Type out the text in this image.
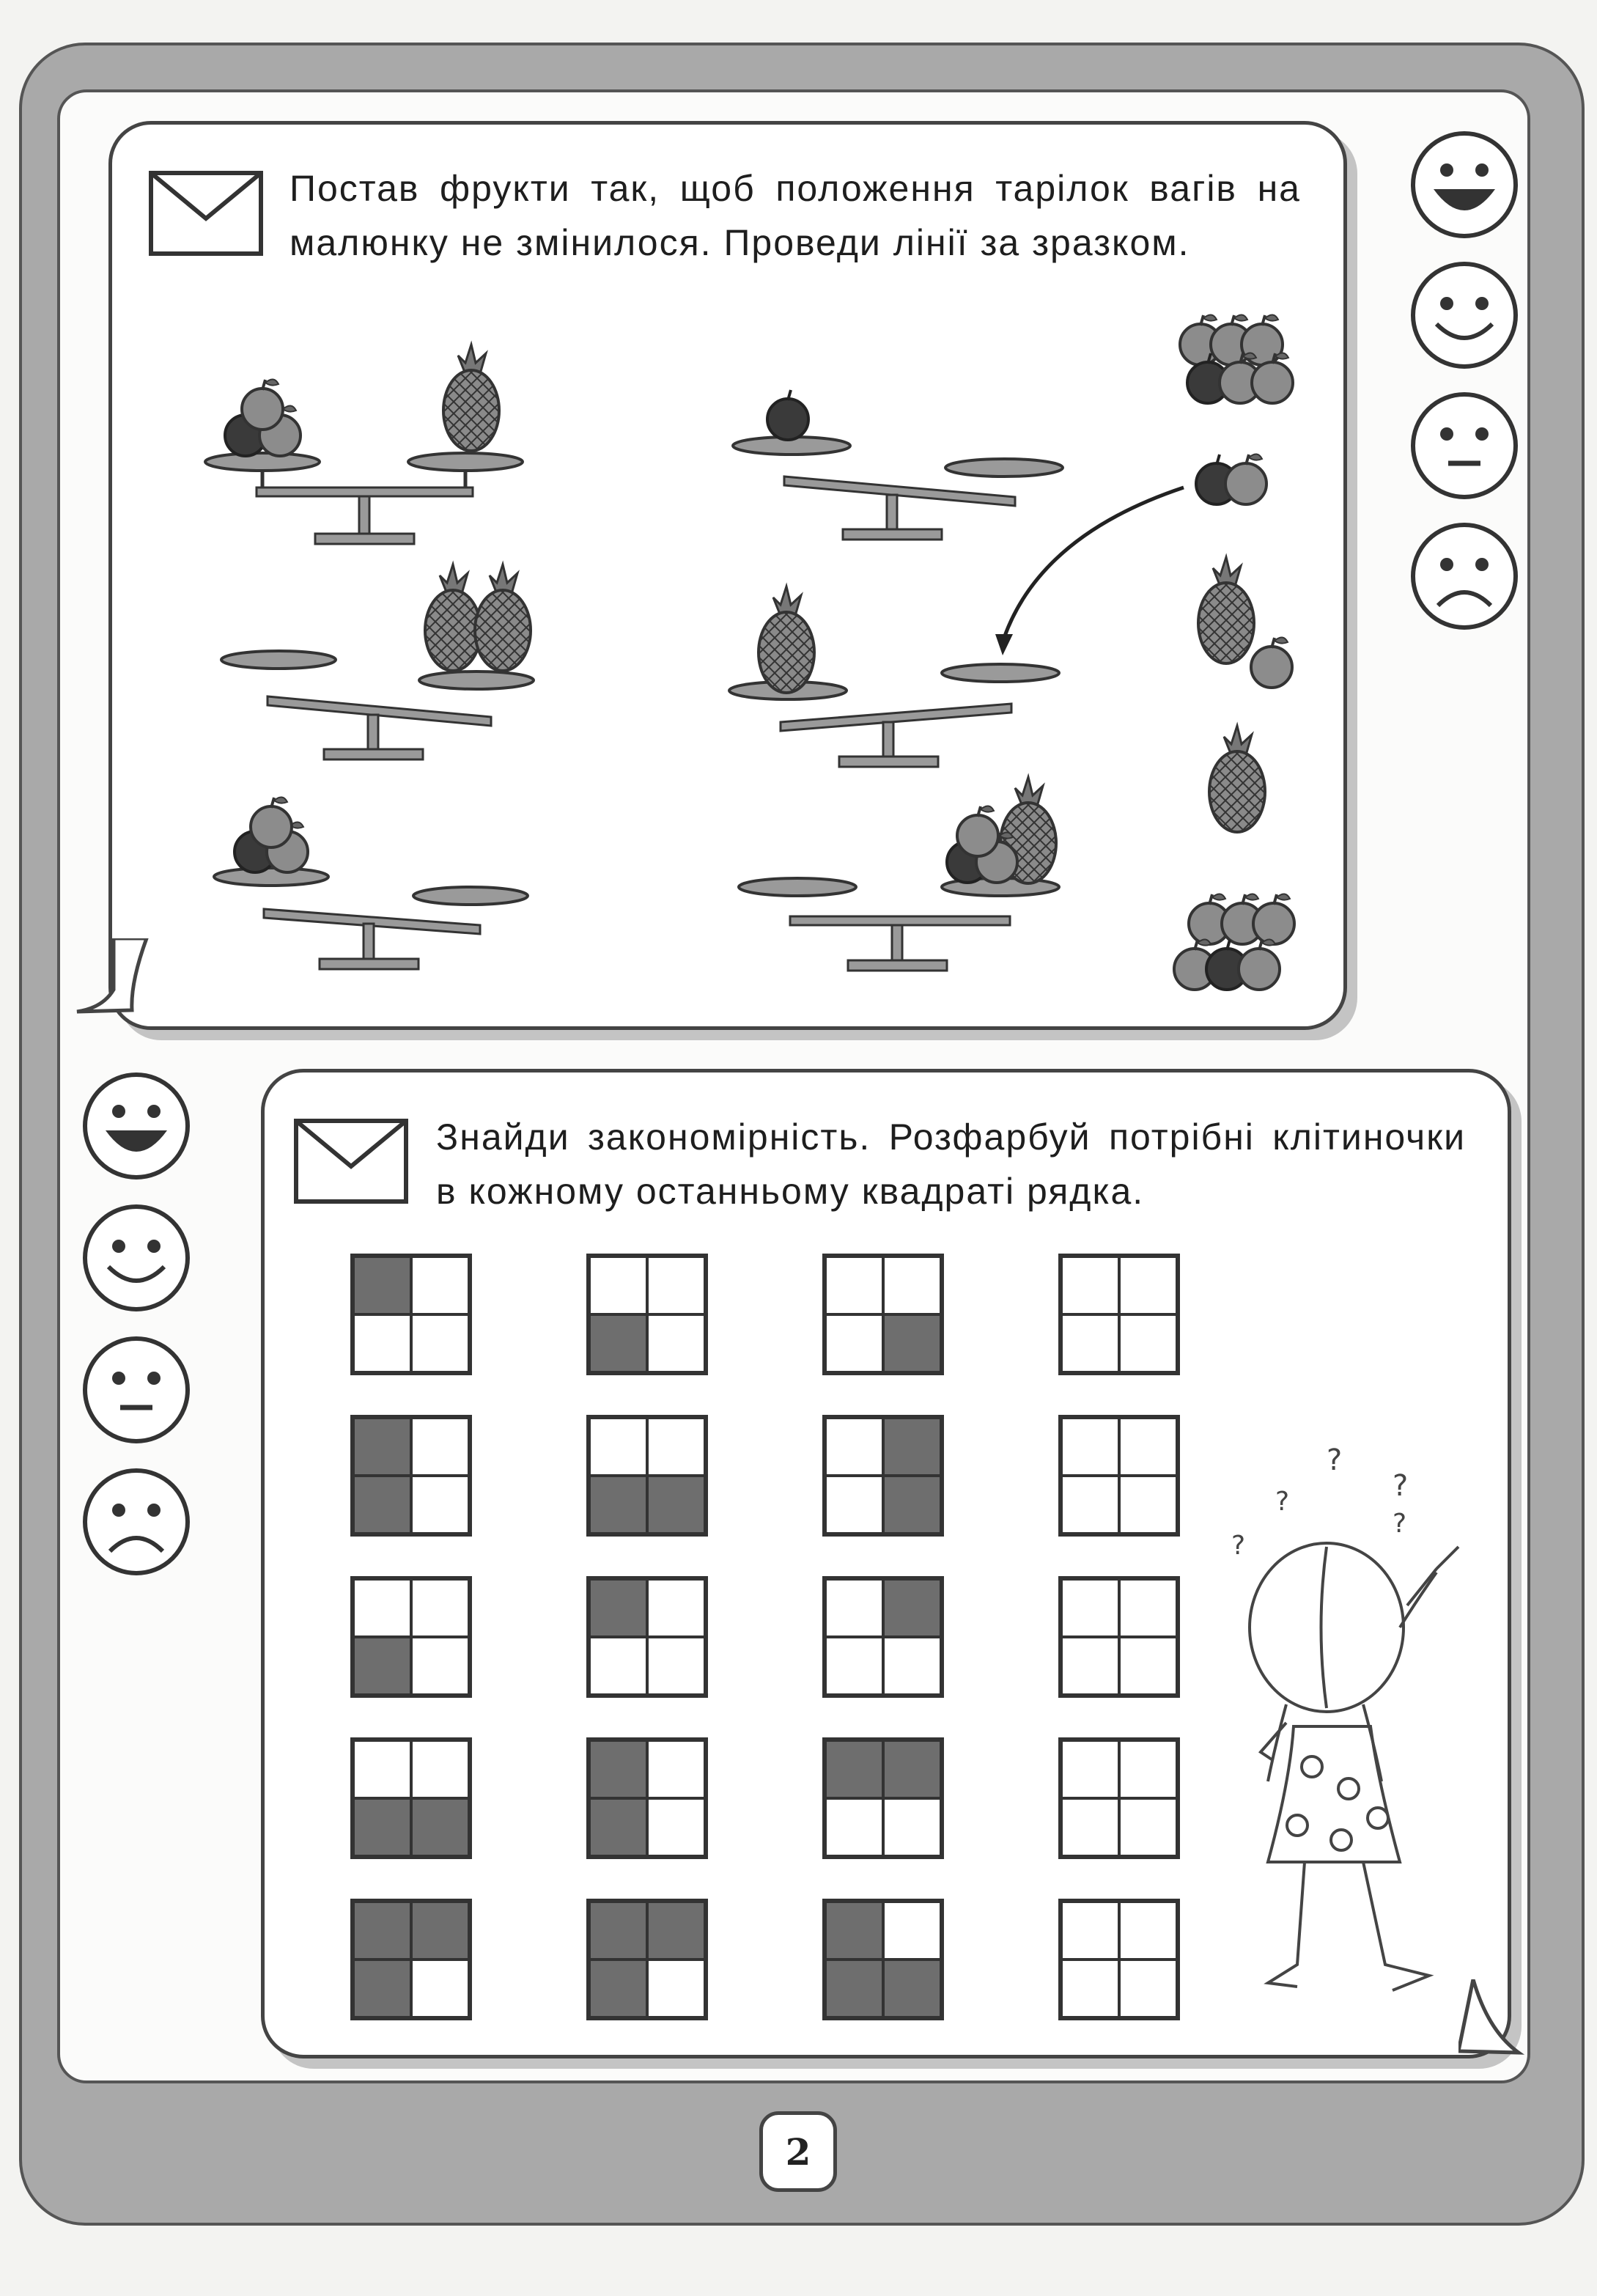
Постав фрукти так, щоб положення тарілок вагів на малюнку не змінилося. Проведи лінії за зразком.
Знайди закономірність. Розфарбуй потрібні клітиночки в кожному останньому квадраті рядка.
?
?
?
?
?
2
